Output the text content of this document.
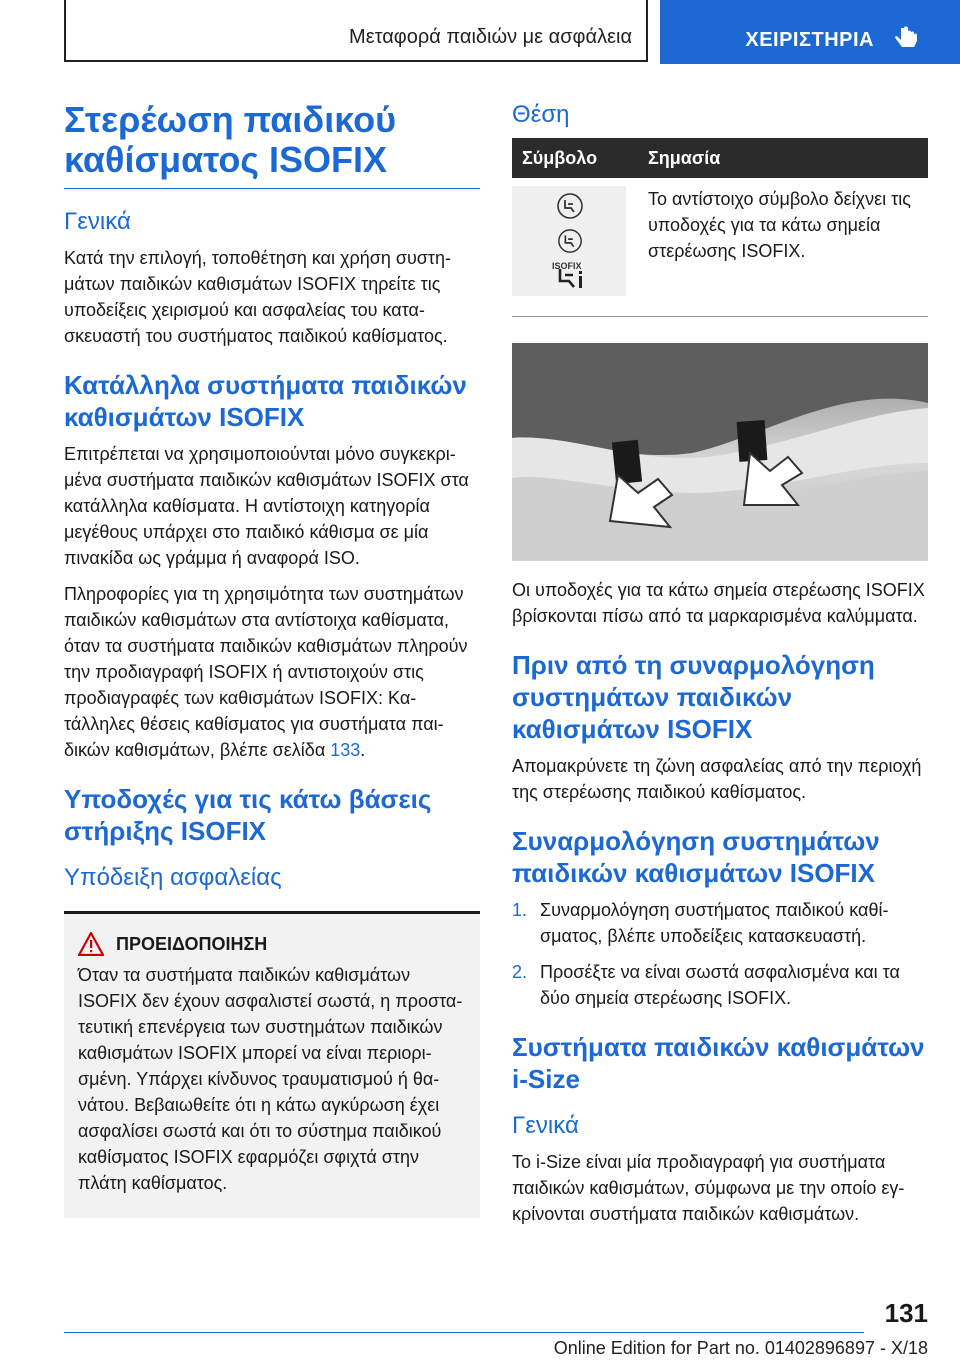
Μεταφορά παιδιών με ασφάλεια	ΧΕΙΡΙΣΤΗΡΙΑ
Στερέωση παιδικού
καθίσματος ISOFIX
Γενικά

Κατά την επιλογή, τοποθέτηση και χρήση συστημάτων παιδικών καθισμάτων ISOFIX τηρείτε τις υποδείξεις χειρισμού και ασφαλείας του κατασκευαστή του συστήματος παιδικού καθίσματος.

Κατάλληλα συστήματα παιδικών καθισμάτων ISOFIX

Επιτρέπεται να χρησιμοποιούνται μόνο συγκεκριμένα συστήματα παιδικών καθισμάτων ISOFIX στα κατάλληλα καθίσματα. Η αντίστοιχη κατηγορία μεγέθους υπάρχει στο παιδικό κάθισμα σε μία πινακίδα ως γράμμα ή αναφορά ISO.

Πληροφορίες για τη χρησιμότητα των συστημάτων παιδικών καθισμάτων στα αντίστοιχα καθίσματα, όταν τα συστήματα παιδικών καθισμάτων πληρούν την προδιαγραφή ISOFIX ή αντιστοιχούν στις προδιαγραφές των καθισμάτων ISOFIX: Κατάλληλες θέσεις καθίσματος για συστήματα παιδικών καθισμάτων, βλέπε σελίδα 133.

Υποδοχές για τις κάτω βάσεις στήριξης ISOFIX
Υπόδειξη ασφαλείας
ΠΡΟΕΙΔΟΠΟΙΗΣΗ
Όταν τα συστήματα παιδικών καθισμάτων ISOFIX δεν έχουν ασφαλιστεί σωστά, η προστατευτική επενέργεια των συστημάτων παιδικών καθισμάτων ISOFIX μπορεί να είναι περιορισμένη. Υπάρχει κίνδυνος τραυματισμού ή θανάτου. Βεβαιωθείτε ότι η κάτω αγκύρωση έχει ασφαλίσει σωστά και ότι το σύστημα παιδικού καθίσματος ISOFIX εφαρμόζει σφιχτά στην πλάτη καθίσματος.
Θέση
Σύμβολο	Σημασία

ISOFIX	Το αντίστοιχο σύμβολο δείχνει τις υποδοχές για τα κάτω σημεία στερέωσης ISOFIX.

Οι υποδοχές για τα κάτω σημεία στερέωσης ISOFIX βρίσκονται πίσω από τα μαρκαρισμένα καλύμματα.

Πριν από τη συναρμολόγηση συστημάτων παιδικών καθισμάτων ISOFIX

Απομακρύνετε τη ζώνη ασφαλείας από την περιοχή της στερέωσης παιδικού καθίσματος.

Συναρμολόγηση συστημάτων παιδικών καθισμάτων ISOFIX
1. Συναρμολόγηση συστήματος παιδικού καθίσματος, βλέπε υποδείξεις κατασκευαστή.
2. Προσέξτε να είναι σωστά ασφαλισμένα και τα δύο σημεία στερέωσης ISOFIX.
Συστήματα παιδικών καθισμάτων i-Size
Γενικά

Το i-Size είναι μία προδιαγραφή για συστήματα παιδικών καθισμάτων, σύμφωνα με την οποίο εγκρίνονται συστήματα παιδικών καθισμάτων.

131
Online Edition for Part no. 01402896897 - X/18
